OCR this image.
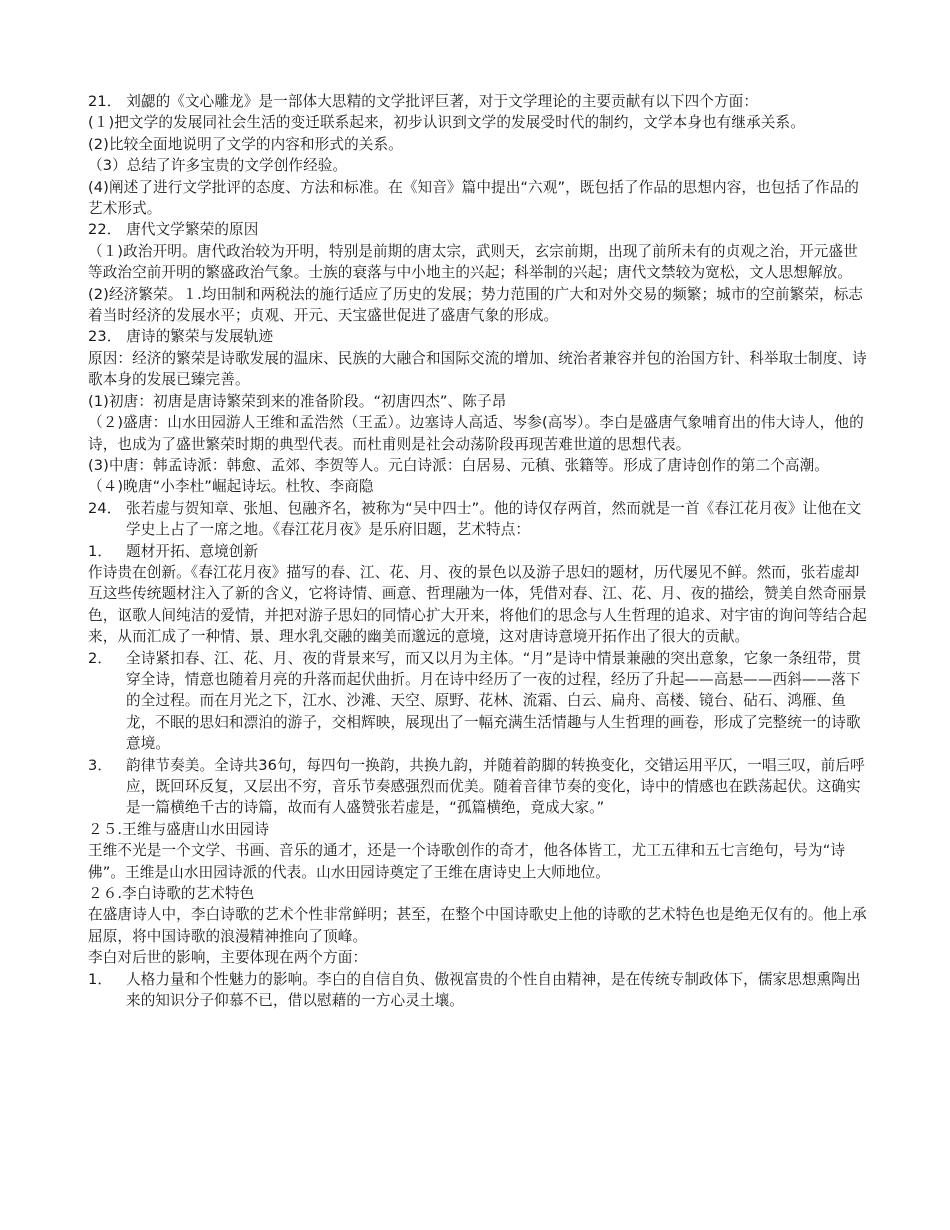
21． 刘勰的《文心雕龙》是一部体大思精的文学批评巨著，对于文学理论的主要贡献有以下四个方面：
(１)把文学的发展同社会生活的变迁联系起来，初步认识到文学的发展受时代的制约，文学本身也有继承关系。
(2)比较全面地说明了文学的内容和形式的关系。
（3）总结了许多宝贵的文学创作经验。
(4)阐述了进行文学批评的态度、方法和标准。在《知音》篇中提出“六观”，既包括了作品的思想内容，也包括了作品的艺术形式。
22． 唐代文学繁荣的原因
（１)政治开明。唐代政治较为开明，特别是前期的唐太宗，武则天，玄宗前期，出现了前所未有的贞观之治，开元盛世等政治空前开明的繁盛政治气象。士族的衰落与中小地主的兴起；科举制的兴起；唐代文禁较为宽松，文人思想解放。
(2)经济繁荣。１.均田制和两税法的施行适应了历史的发展；势力范围的广大和对外交易的频繁；城市的空前繁荣，标志着当时经济的发展水平；贞观、开元、天宝盛世促进了盛唐气象的形成。
23． 唐诗的繁荣与发展轨迹
原因：经济的繁荣是诗歌发展的温床、民族的大融合和国际交流的增加、统治者兼容并包的治国方针、科举取士制度、诗歌本身的发展已臻完善。
(1)初唐：初唐是唐诗繁荣到来的准备阶段。“初唐四杰”、陈子昂
（２)盛唐：山水田园游人王维和孟浩然（王孟）。边塞诗人高适、岑参(高岑）。李白是盛唐气象哺育出的伟大诗人，他的诗，也成为了盛世繁荣时期的典型代表。而杜甫则是社会动荡阶段再现苦难世道的思想代表。
(3)中唐：韩孟诗派：韩愈、孟郊、李贺等人。元白诗派：白居易、元稹、张籍等。形成了唐诗创作的第二个高潮。
（４)晚唐“小李杜”崛起诗坛。杜牧、李商隐
24． 张若虚与贺知章、张旭、包融齐名，被称为“吴中四士”。他的诗仅存两首，然而就是一首《春江花月夜》让他在文学史上占了一席之地。《春江花月夜》是乐府旧题，艺术特点：
1． 题材开拓、意境创新
作诗贵在创新。《春江花月夜》描写的春、江、花、月、夜的景色以及游子思妇的题材，历代屡见不鲜。然而，张若虚却互这些传统题材注入了新的含义，它将诗情、画意、哲理融为一体，凭借对春、江、花、月、夜的描绘，赞美自然奇丽景色，讴歌人间纯洁的爱情，并把对游子思妇的同情心扩大开来，将他们的思念与人生哲理的追求、对宇宙的询问等结合起来，从而汇成了一种情、景、理水乳交融的幽美而邈远的意境，这对唐诗意境开拓作出了很大的贡献。
2． 全诗紧扣春、江、花、月、夜的背景来写，而又以月为主体。“月”是诗中情景兼融的突出意象，它象一条纽带，贯穿全诗，情意也随着月亮的升落而起伏曲折。月在诗中经历了一夜的过程，经历了升起——高悬——西斜——落下的全过程。而在月光之下，江水、沙滩、天空、原野、花林、流霜、白云、扁舟、高楼、镜台、砧石、鸿雁、鱼龙，不眠的思妇和漂泊的游子，交相辉映，展现出了一幅充满生活情趣与人生哲理的画卷，形成了完整统一的诗歌意境。
3． 韵律节奏美。全诗共36句，每四句一换韵，共换九韵，并随着韵脚的转换变化，交错运用平仄，一唱三叹，前后呼应，既回环反复，又层出不穷，音乐节奏感强烈而优美。随着音律节奏的变化，诗中的情感也在跌荡起伏。这确实是一篇横绝千古的诗篇，故而有人盛赞张若虚是，“孤篇横绝，竟成大家。”
２５.王维与盛唐山水田园诗
王维不光是一个文学、书画、音乐的通才，还是一个诗歌创作的奇才，他各体皆工，尤工五律和五七言绝句，号为“诗佛”。王维是山水田园诗派的代表。山水田园诗奠定了王维在唐诗史上大师地位。
２６.李白诗歌的艺术特色
在盛唐诗人中，李白诗歌的艺术个性非常鲜明；甚至，在整个中国诗歌史上他的诗歌的艺术特色也是绝无仅有的。他上承屈原，将中国诗歌的浪漫精神推向了顶峰。
李白对后世的影响，主要体现在两个方面：
1． 人格力量和个性魅力的影响。李白的自信自负、傲视富贵的个性自由精神，是在传统专制政体下，儒家思想熏陶出来的知识分子仰慕不已，借以慰藉的一方心灵土壤。
